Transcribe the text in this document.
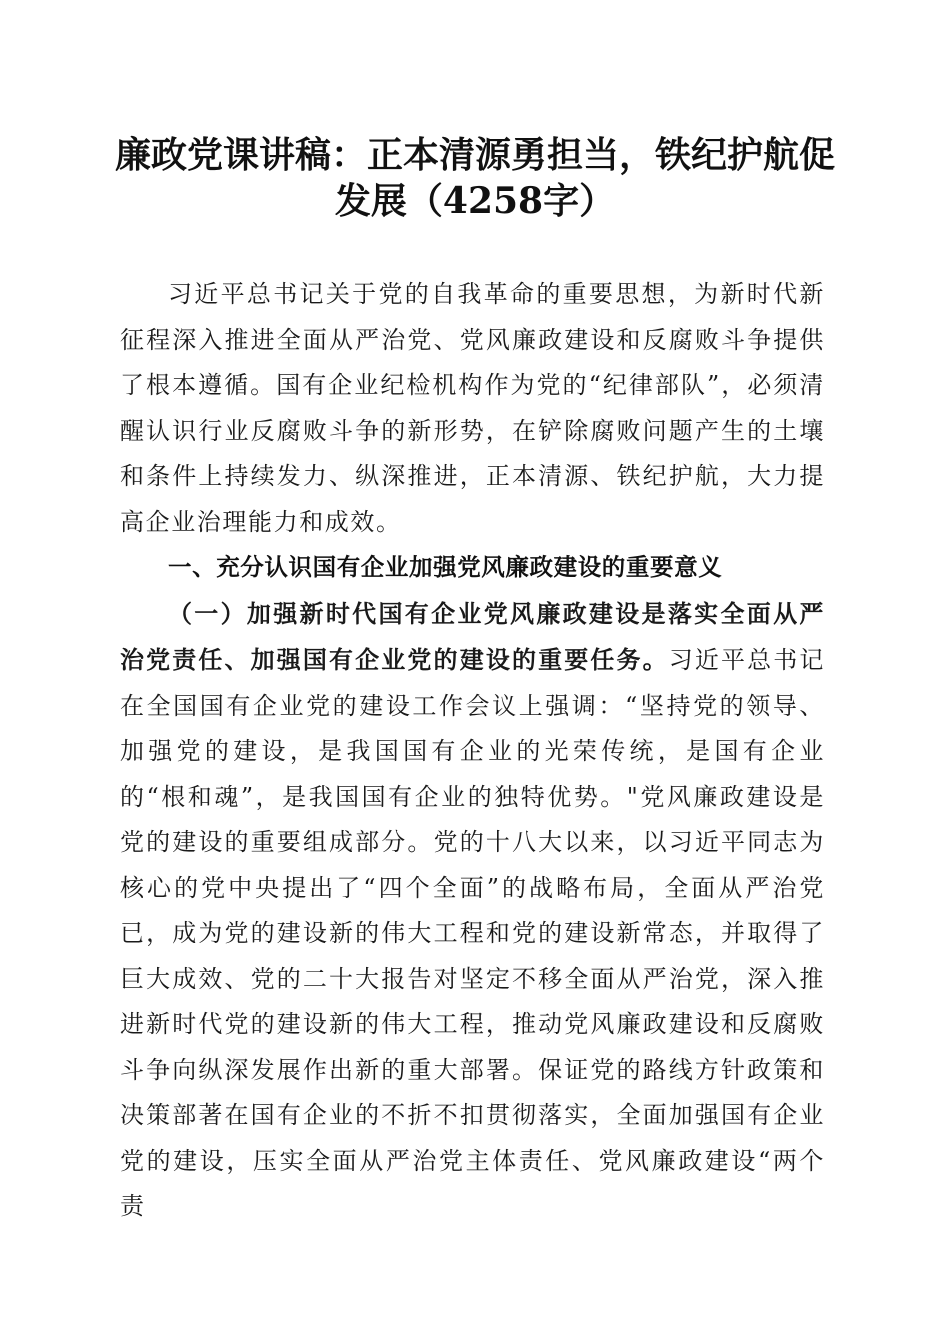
廉政党课讲稿：正本清源勇担当，铁纪护航促发展（4258字）

习近平总书记关于党的自我革命的重要思想，为新时代新征程深入推进全面从严治党、党风廉政建设和反腐败斗争提供了根本遵循。国有企业纪检机构作为党的“纪律部队”，必须清醒认识行业反腐败斗争的新形势，在铲除腐败问题产生的土壤和条件上持续发力、纵深推进，正本清源、铁纪护航，大力提高企业治理能力和成效。

一、充分认识国有企业加强党风廉政建设的重要意义

（一）加强新时代国有企业党风廉政建设是落实全面从严治党责任、加强国有企业党的建设的重要任务。习近平总书记在全国国有企业党的建设工作会议上强调：“坚持党的领导、加强党的建设，是我国国有企业的光荣传统，是国有企业的“根和魂”，是我国国有企业的独特优势。"党风廉政建设是党的建设的重要组成部分。党的十八大以来，以习近平同志为核心的党中央提出了“四个全面”的战略布局，全面从严治党已，成为党的建设新的伟大工程和党的建设新常态，并取得了巨大成效、党的二十大报告对坚定不移全面从严治党，深入推进新时代党的建设新的伟大工程，推动党风廉政建设和反腐败斗争向纵深发展作出新的重大部署。保证党的路线方针政策和决策部著在国有企业的不折不扣贯彻落实，全面加强国有企业党的建设，压实全面从严治党主体责任、党风廉政建设“两个责
